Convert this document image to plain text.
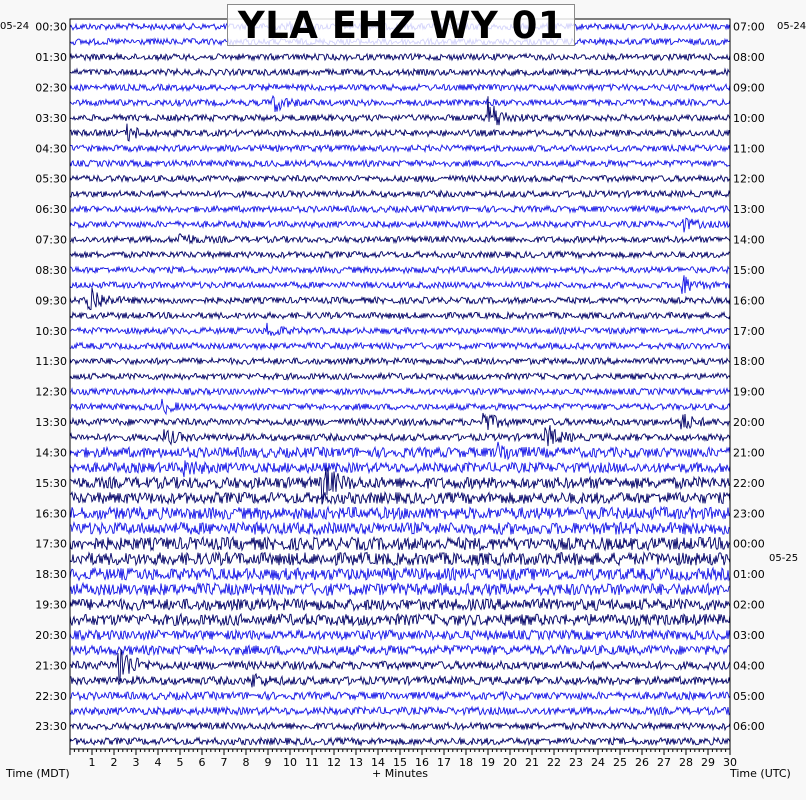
1 2 3 4 5 6 7 8 9 10 11 12 13 14 15 16 17 18 19 20 21 22 23 24 25 26 27 28 29 30
00:30
01:30
02:30
03:30
04:30
05:30
06:30
07:30
08:30
09:30
10:30
11:30
12:30
13:30
14:30
15:30
16:30
17:30
18:30
19:30
20:30
21:30
22:30
23:30
07:00
08:00
09:00
10:00
11:00
12:00
13:00
14:00
15:00
16:00
17:00
18:00
19:00
20:00
21:00
22:00
23:00
00:00
01:00
02:00
03:00
04:00
05:00
06:00
05-24	05-24
05-25
Time (MDT)	+ Minutes	Time (UTC)
YLA EHZ WY 01
